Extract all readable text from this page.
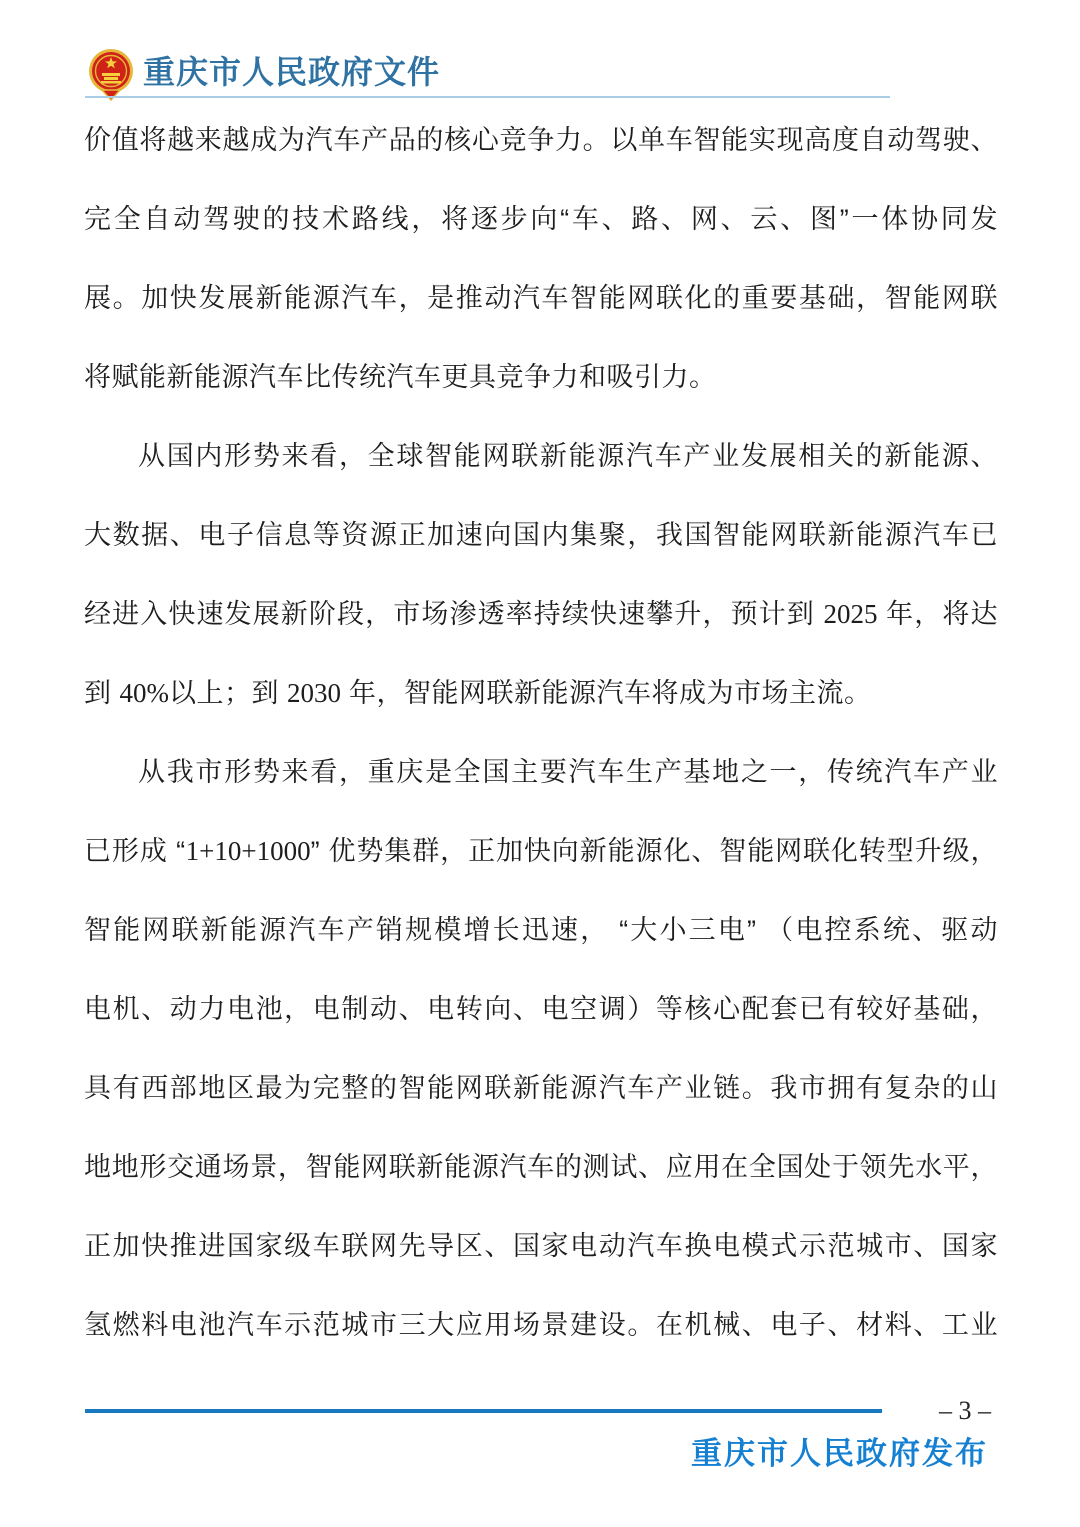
重庆市人民政府文件
价值将越来越成为汽车产品的核心竞争力。以单车智能实现高度自动驾驶、
完全自动驾驶的技术路线，将逐步向“车、路、网、云、图”一体协同发
展。加快发展新能源汽车，是推动汽车智能网联化的重要基础，智能网联
将赋能新能源汽车比传统汽车更具竞争力和吸引力。
从国内形势来看，全球智能网联新能源汽车产业发展相关的新能源、
大数据、电子信息等资源正加速向国内集聚，我国智能网联新能源汽车已
经进入快速发展新阶段，市场渗透率持续快速攀升，预计到 2025 年，将达
到 40%以上；到 2030 年，智能网联新能源汽车将成为市场主流。
从我市形势来看，重庆是全国主要汽车生产基地之一，传统汽车产业
已形成 “1+10+1000” 优势集群，正加快向新能源化、智能网联化转型升级，
智能网联新能源汽车产销规模增长迅速， “大小三电” （电控系统、驱动
电机、动力电池，电制动、电转向、电空调）等核心配套已有较好基础，
具有西部地区最为完整的智能网联新能源汽车产业链。我市拥有复杂的山
地地形交通场景，智能网联新能源汽车的测试、应用在全国处于领先水平，
正加快推进国家级车联网先导区、国家电动汽车换电模式示范城市、国家
氢燃料电池汽车示范城市三大应用场景建设。在机械、电子、材料、工业
– 3 –
重庆市人民政府发布
